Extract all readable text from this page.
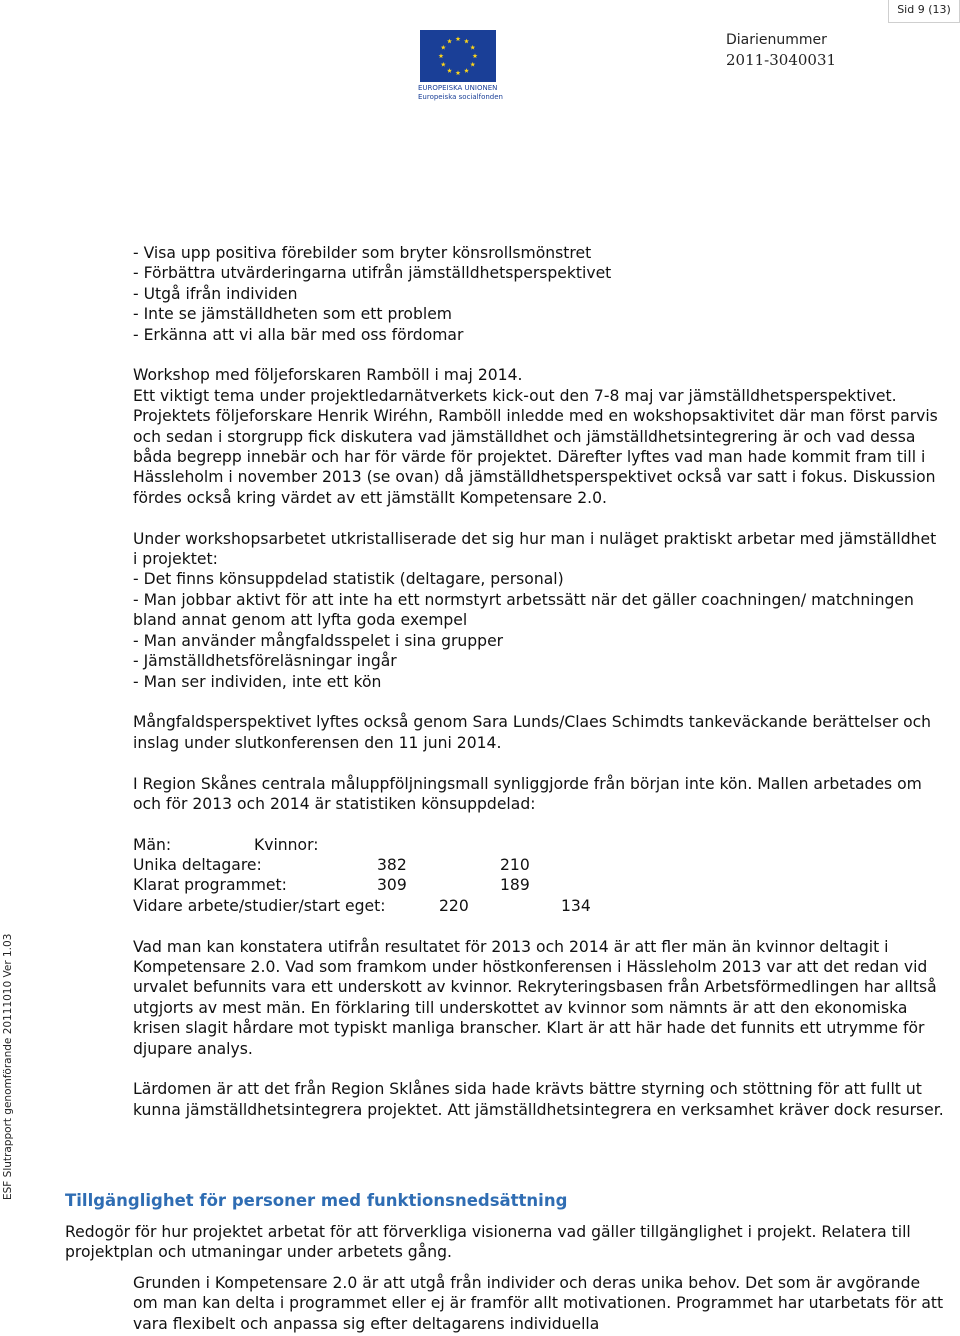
Sid 9 (13)
EUROPEISKA UNIONEN
Europeiska socialfonden
Diarienummer
2011-3040031
ESF Slutrapport genomförande 20111010 Ver 1.03

- Visa upp positiva förebilder som bryter könsrollsmönstret

- Förbättra utvärderingarna utifrån jämställdhetsperspektivet

- Utgå ifrån individen

- Inte se jämställdheten som ett problem

- Erkänna att vi alla bär med oss fördomar

Workshop med följeforskaren Ramböll i maj 2014.

Ett viktigt tema under projektledarnätverkets kick-out den 7-8 maj var jämställdhetsperspektivet. Projektets följeforskare Henrik Wiréhn, Ramböll inledde med en wokshopsaktivitet där man först parvis och sedan i storgrupp fick diskutera vad jämställdhet och jämställdhetsintegrering är och vad dessa båda begrepp innebär och har för värde för projektet. Därefter lyftes vad man hade kommit fram till i Hässleholm i november 2013 (se ovan) då jämställdhetsperspektivet också var satt i fokus. Diskussion fördes också kring värdet av ett jämställt Kompetensare 2.0.

Under workshopsarbetet utkristalliserade det sig hur man i nuläget praktiskt arbetar med jämställdhet i projektet:

- Det finns könsuppdelad statistik (deltagare, personal)

- Man jobbar aktivt för att inte ha ett normstyrt arbetssätt när det gäller coachningen/ matchningen bland annat genom att lyfta goda exempel

- Man använder mångfaldsspelet i sina grupper

- Jämställdhetsföreläsningar ingår

- Man ser individen, inte ett kön

Mångfaldsperspektivet lyftes också genom Sara Lunds/Claes Schimdts tankeväckande berättelser och inslag under slutkonferensen den 11 juni 2014.

I Region Skånes centrala måluppföljningsmall synliggjorde från början inte kön. Mallen arbetades om och för 2013 och 2014 är statistiken könsuppdelad:

Män:	Kvinnor:
Unika deltagare:	382	210
Klarat programmet:	309	189
Vidare arbete/studier/start eget:	220	134

Vad man kan konstatera utifrån resultatet för 2013 och 2014 är att fler män än kvinnor deltagit i Kompetensare 2.0. Vad som framkom under höstkonferensen i Hässleholm 2013 var att det redan vid urvalet befunnits vara ett underskott av kvinnor. Rekryteringsbasen från Arbetsförmedlingen har alltså utgjorts av mest män. En förklaring till underskottet av kvinnor som nämnts är att den ekonomiska krisen slagit hårdare mot typiskt manliga branscher. Klart är att här hade det funnits ett utrymme för djupare analys.

Lärdomen är att det från Region Sklånes sida hade krävts bättre styrning och stöttning för att fullt ut kunna jämställdhetsintegrera projektet. Att jämställdhetsintegrera en verksamhet kräver dock resurser.

Tillgänglighet för personer med funktionsnedsättning
Redogör för hur projektet arbetat för att förverkliga visionerna vad gäller tillgänglighet i projekt. Relatera till projektplan och utmaningar under arbetets gång.
Grunden i Kompetensare 2.0 är att utgå från individer och deras unika behov. Det som är avgörande om man kan delta i programmet eller ej är framför allt motivationen. Programmet har utarbetats för att vara flexibelt och anpassa sig efter deltagarens individuella
